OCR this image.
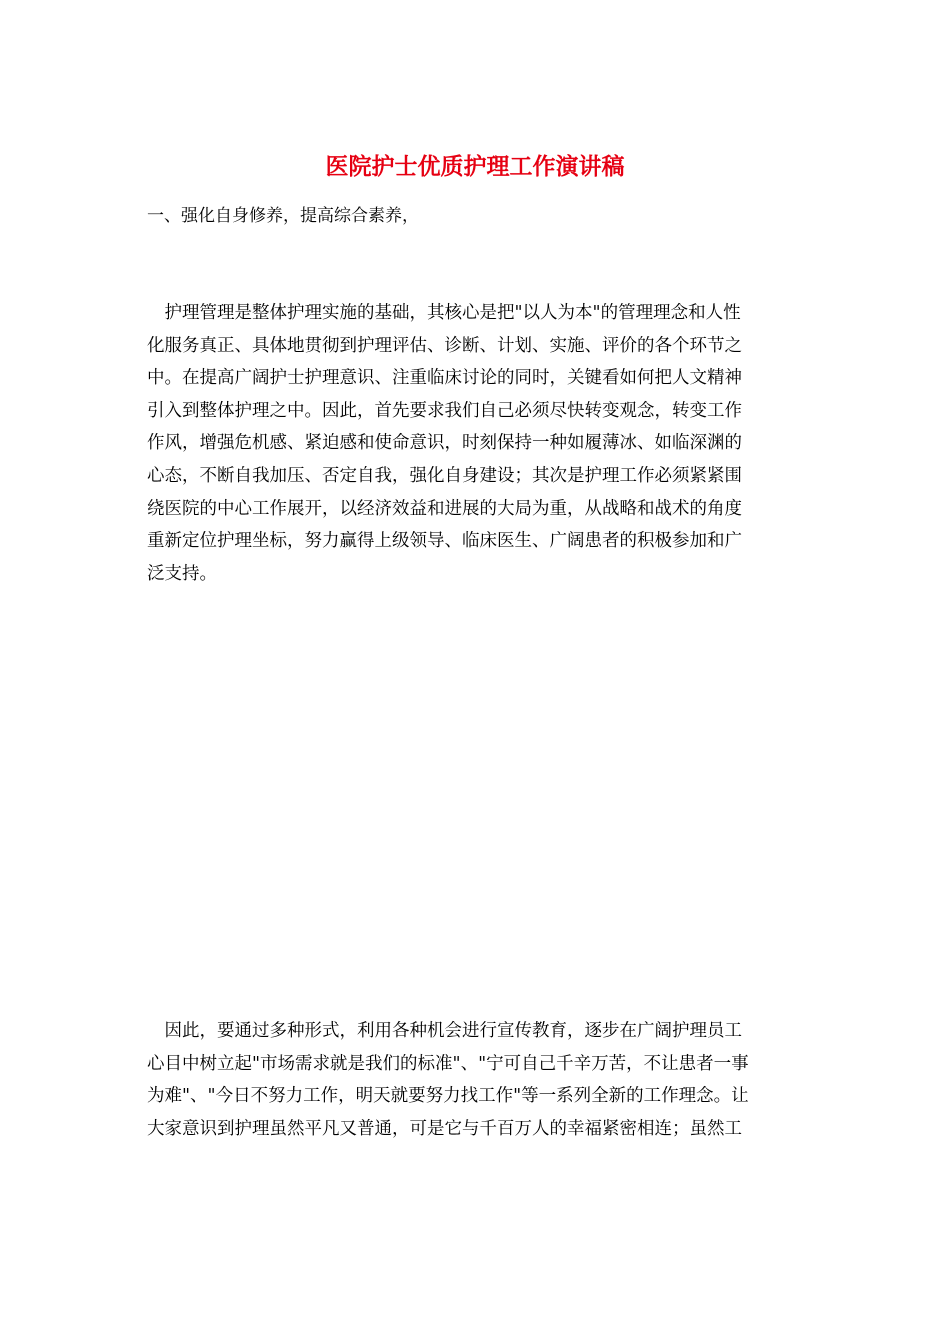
医院护士优质护理工作演讲稿

一、强化自身修养，提高综合素养，

　护理管理是整体护理实施的基础，其核心是把"以人为本"的管理理念和人性
化服务真正、具体地贯彻到护理评估、诊断、计划、实施、评价的各个环节之
中。在提高广阔护士护理意识、注重临床讨论的同时，关键看如何把人文精神
引入到整体护理之中。因此，首先要求我们自己必须尽快转变观念，转变工作
作风，增强危机感、紧迫感和使命意识，时刻保持一种如履薄冰、如临深渊的
心态，不断自我加压、否定自我，强化自身建设；其次是护理工作必须紧紧围
绕医院的中心工作展开，以经济效益和进展的大局为重，从战略和战术的角度
重新定位护理坐标，努力赢得上级领导、临床医生、广阔患者的积极参加和广
泛支持。
　因此，要通过多种形式，利用各种机会进行宣传教育，逐步在广阔护理员工
心目中树立起"市场需求就是我们的标准"、"宁可自己千辛万苦，不让患者一事
为难"、"今日不努力工作，明天就要努力找工作"等一系列全新的工作理念。让
大家意识到护理虽然平凡又普通，可是它与千百万人的幸福紧密相连；虽然工
